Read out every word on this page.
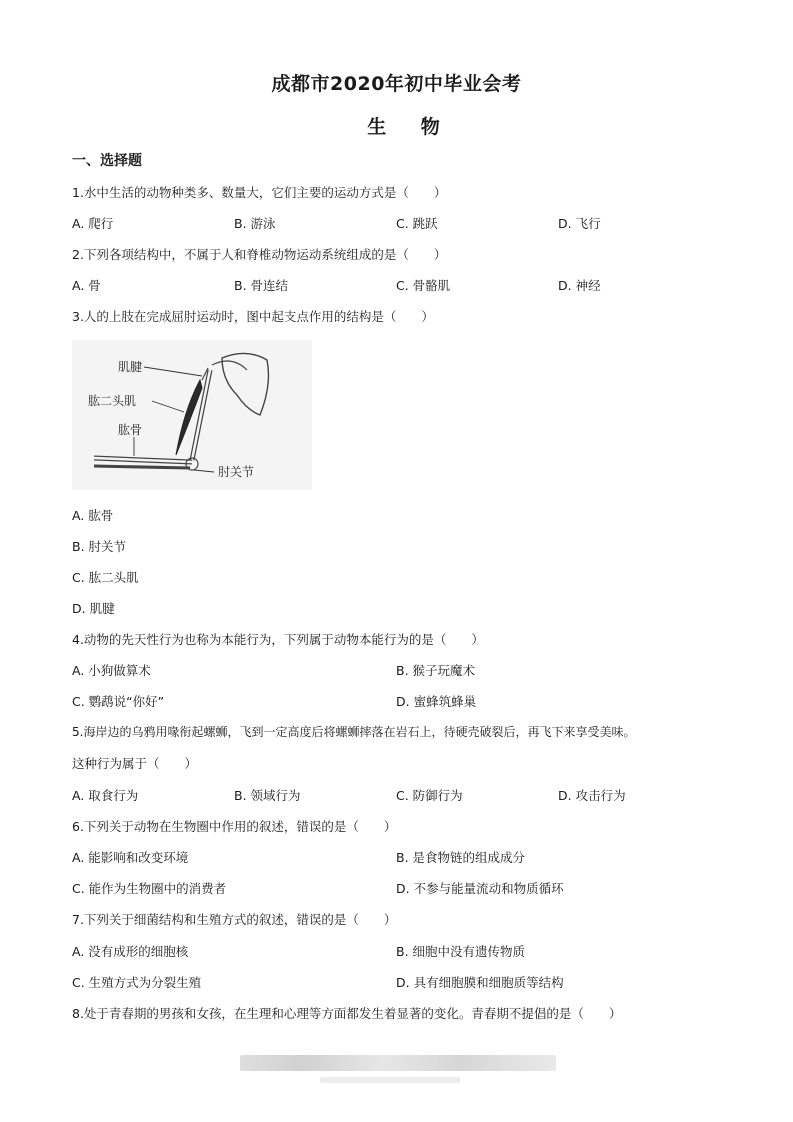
成都市2020年初中毕业会考
生 物
一、选择题
1.水中生活的动物种类多、数量大，它们主要的运动方式是（　　）
A. 爬行	B. 游泳	C. 跳跃	D. 飞行
2.下列各项结构中，不属于人和脊椎动物运动系统组成的是（　　）
A. 骨	B. 骨连结	C. 骨骼肌	D. 神经
3.人的上肢在完成屈肘运动时，图中起支点作用的结构是（　　）
肌腱
肱二头肌
肱骨
肘关节
A. 肱骨
B. 肘关节
C. 肱二头肌
D. 肌腱
4.动物的先天性行为也称为本能行为，下列属于动物本能行为的是（　　）
A. 小狗做算术	B. 猴子玩魔术
C. 鹦鹉说“你好”	D. 蜜蜂筑蜂巢
5.海岸边的乌鸦用喙衔起螺蛳，飞到一定高度后将螺蛳摔落在岩石上，待硬壳破裂后，再飞下来享受美味。
这种行为属于（　　）
A. 取食行为	B. 领域行为	C. 防御行为	D. 攻击行为
6.下列关于动物在生物圈中作用的叙述，错误的是（　　）
A. 能影响和改变环境	B. 是食物链的组成成分
C. 能作为生物圈中的消费者	D. 不参与能量流动和物质循环
7.下列关于细菌结构和生殖方式的叙述，错误的是（　　）
A. 没有成形的细胞核	B. 细胞中没有遗传物质
C. 生殖方式为分裂生殖	D. 具有细胞膜和细胞质等结构
8.处于青春期的男孩和女孩，在生理和心理等方面都发生着显著的变化。青春期不提倡的是（　　）
